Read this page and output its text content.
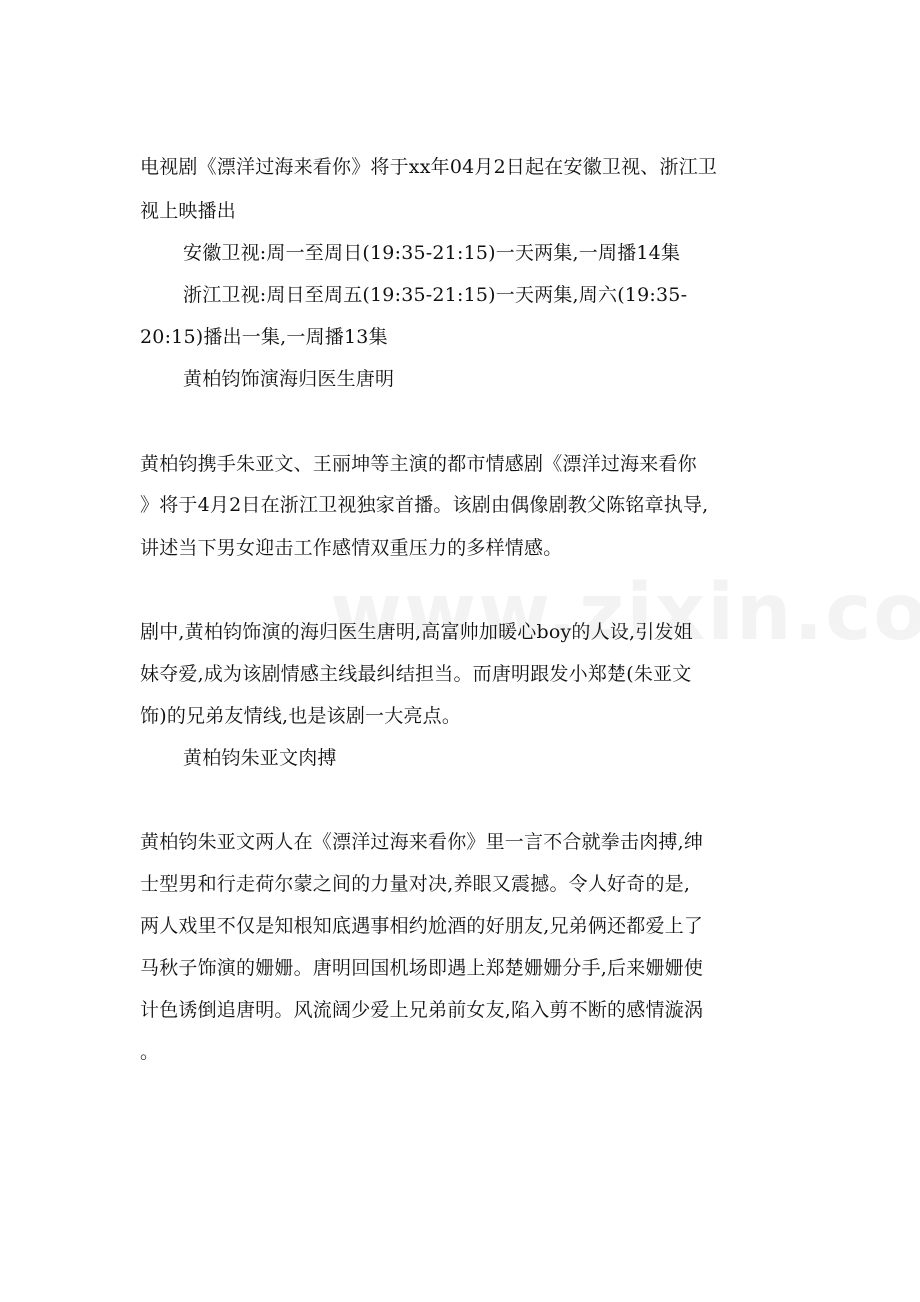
电视剧《漂洋过海来看你》将于xx年04月2日起在安徽卫视、浙江卫
视上映播出
安徽卫视:周一至周日(19:35-21:15)一天两集,一周播14集
浙江卫视:周日至周五(19:35-21:15)一天两集,周六(19:35-
20:15)播出一集,一周播13集
黄柏钧饰演海归医生唐明
黄柏钧携手朱亚文、王丽坤等主演的都市情感剧《漂洋过海来看你
》将于4月2日在浙江卫视独家首播。该剧由偶像剧教父陈铭章执导,
讲述当下男女迎击工作感情双重压力的多样情感。
剧中,黄柏钧饰演的海归医生唐明,高富帅加暖心boy的人设,引发姐
妹夺爱,成为该剧情感主线最纠结担当。而唐明跟发小郑楚(朱亚文
饰)的兄弟友情线,也是该剧一大亮点。
黄柏钧朱亚文肉搏
黄柏钧朱亚文两人在《漂洋过海来看你》里一言不合就拳击肉搏,绅
士型男和行走荷尔蒙之间的力量对决,养眼又震撼。令人好奇的是,
两人戏里不仅是知根知底遇事相约尬酒的好朋友,兄弟俩还都爱上了
马秋子饰演的姗姗。唐明回国机场即遇上郑楚姗姗分手,后来姗姗使
计色诱倒追唐明。风流阔少爱上兄弟前女友,陷入剪不断的感情漩涡
。
